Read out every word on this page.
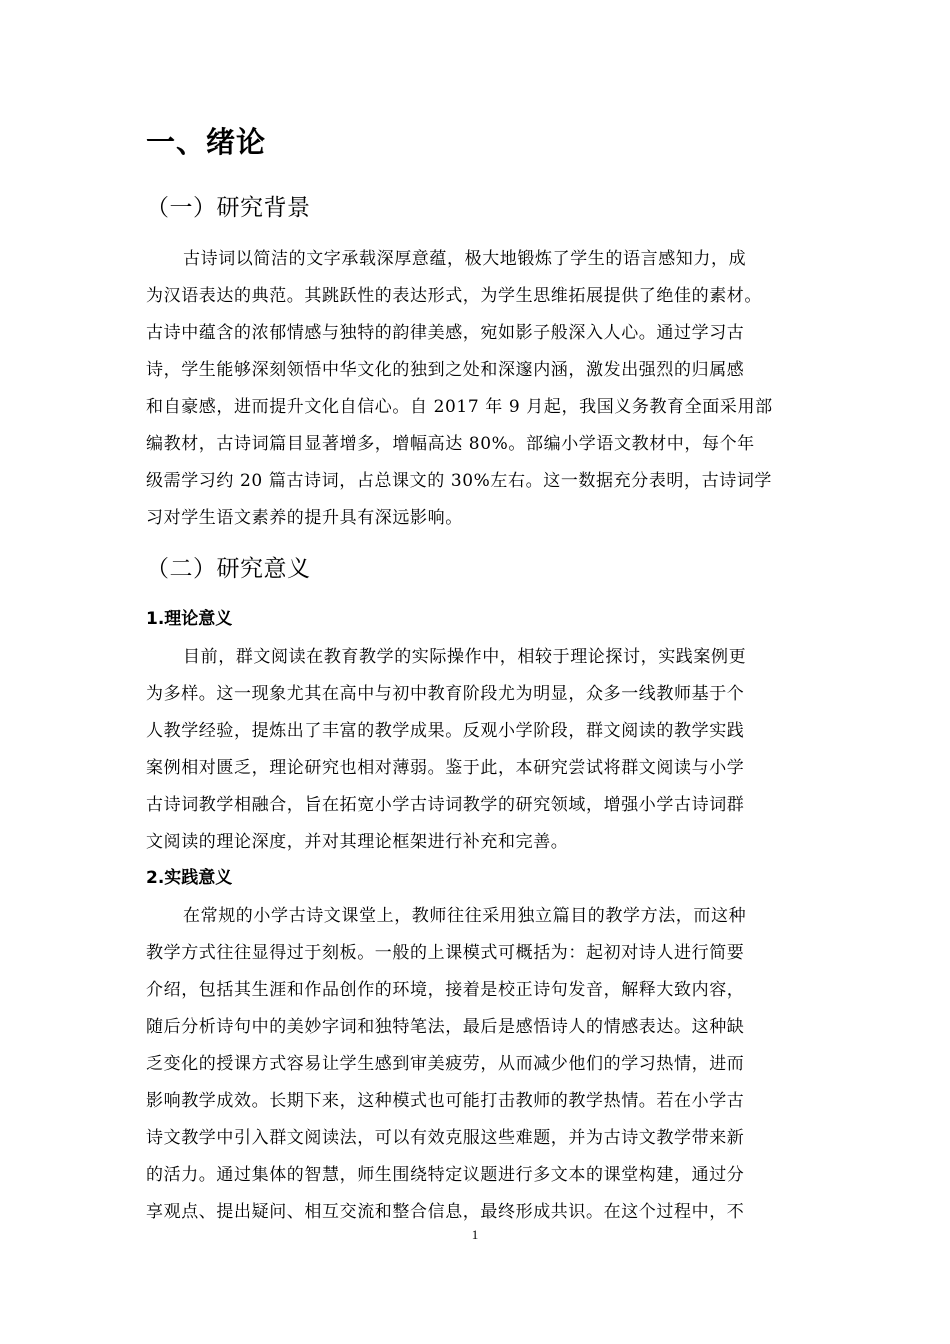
一、绪论
（一）研究背景
古诗词以简洁的文字承载深厚意蕴，极大地锻炼了学生的语言感知力，成
为汉语表达的典范。其跳跃性的表达形式，为学生思维拓展提供了绝佳的素材。
古诗中蕴含的浓郁情感与独特的韵律美感，宛如影子般深入人心。通过学习古
诗，学生能够深刻领悟中华文化的独到之处和深邃内涵，激发出强烈的归属感
和自豪感，进而提升文化自信心。自 2017 年 9 月起，我国义务教育全面采用部
编教材，古诗词篇目显著增多，增幅高达 80%。部编小学语文教材中，每个年
级需学习约 20 篇古诗词，占总课文的 30%左右。这一数据充分表明，古诗词学
习对学生语文素养的提升具有深远影响。
（二）研究意义
1.理论意义
目前，群文阅读在教育教学的实际操作中，相较于理论探讨，实践案例更
为多样。这一现象尤其在高中与初中教育阶段尤为明显，众多一线教师基于个
人教学经验，提炼出了丰富的教学成果。反观小学阶段，群文阅读的教学实践
案例相对匮乏，理论研究也相对薄弱。鉴于此，本研究尝试将群文阅读与小学
古诗词教学相融合，旨在拓宽小学古诗词教学的研究领域，增强小学古诗词群
文阅读的理论深度，并对其理论框架进行补充和完善。
2.实践意义
在常规的小学古诗文课堂上，教师往往采用独立篇目的教学方法，而这种
教学方式往往显得过于刻板。一般的上课模式可概括为：起初对诗人进行简要
介绍，包括其生涯和作品创作的环境，接着是校正诗句发音，解释大致内容，
随后分析诗句中的美妙字词和独特笔法，最后是感悟诗人的情感表达。这种缺
乏变化的授课方式容易让学生感到审美疲劳，从而减少他们的学习热情，进而
影响教学成效。长期下来，这种模式也可能打击教师的教学热情。若在小学古
诗文教学中引入群文阅读法，可以有效克服这些难题，并为古诗文教学带来新
的活力。通过集体的智慧，师生围绕特定议题进行多文本的课堂构建，通过分
享观点、提出疑问、相互交流和整合信息，最终形成共识。在这个过程中，不
1
